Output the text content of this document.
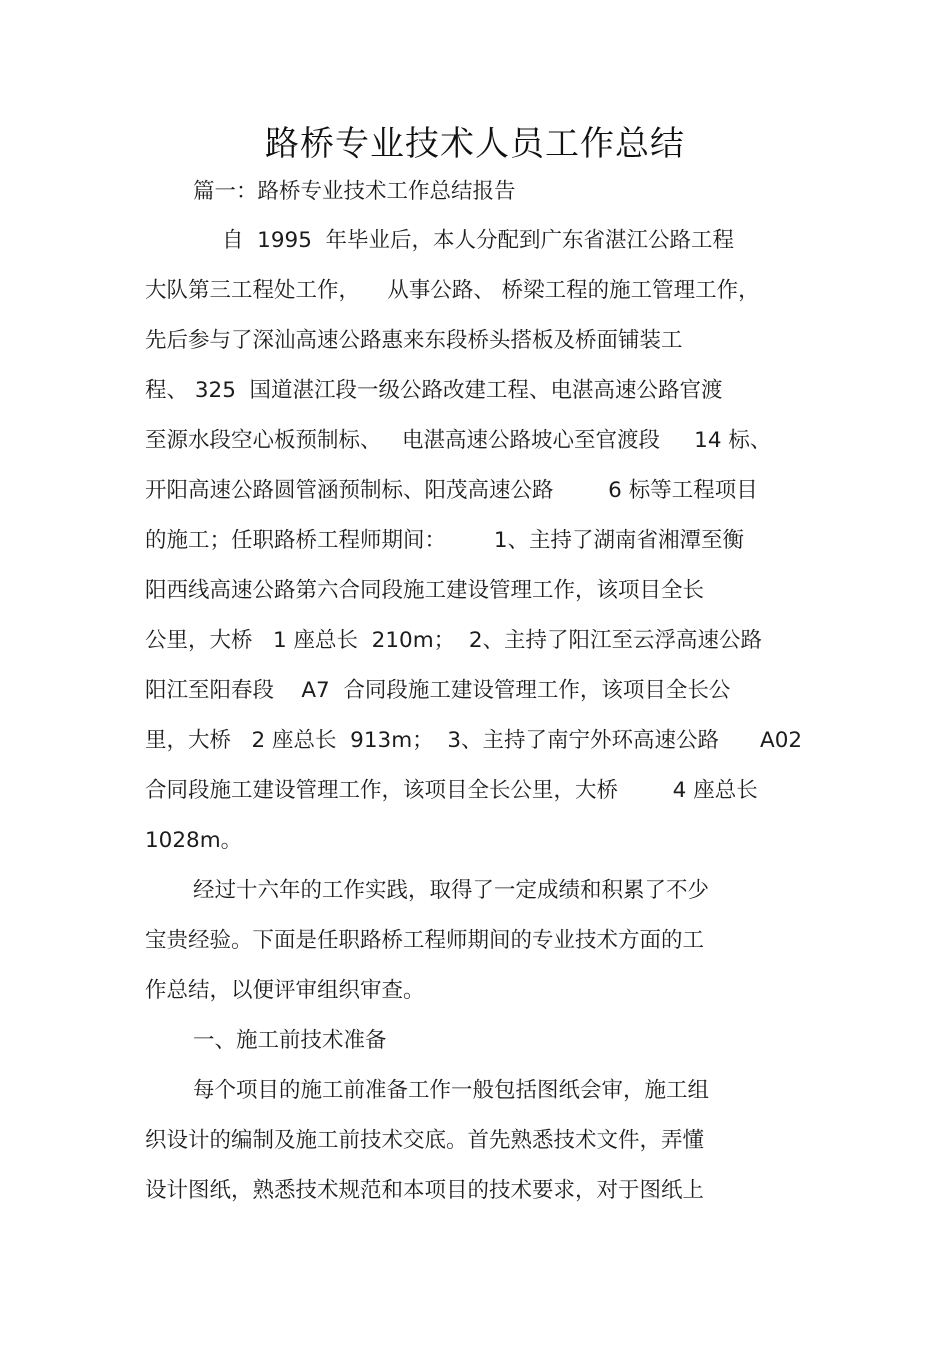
路桥专业技术人员工作总结
篇一：路桥专业技术工作总结报告
自  1995  年毕业后，本人分配到广东省湛江公路工程
大队第三工程处工作，    从事公路、 桥梁工程的施工管理工作，
先后参与了深汕高速公路惠来东段桥头搭板及桥面铺装工
程、 325  国道湛江段一级公路改建工程、电湛高速公路官渡
至源水段空心板预制标、   电湛高速公路坡心至官渡段     14 标、
开阳高速公路圆管涵预制标、阳茂高速公路        6 标等工程项目
的施工；任职路桥工程师期间：       1、主持了湖南省湘潭至衡
阳西线高速公路第六合同段施工建设管理工作，该项目全长
公里，大桥   1 座总长  210m；  2、主持了阳江至云浮高速公路
阳江至阳春段    A7  合同段施工建设管理工作，该项目全长公
里，大桥   2 座总长  913m；  3、主持了南宁外环高速公路      A02
合同段施工建设管理工作，该项目全长公里，大桥        4 座总长
1028m。
经过十六年的工作实践，取得了一定成绩和积累了不少
宝贵经验。下面是任职路桥工程师期间的专业技术方面的工
作总结，以便评审组织审查。
一、施工前技术准备
每个项目的施工前准备工作一般包括图纸会审，施工组
织设计的编制及施工前技术交底。首先熟悉技术文件，弄懂
设计图纸，熟悉技术规范和本项目的技术要求，对于图纸上
